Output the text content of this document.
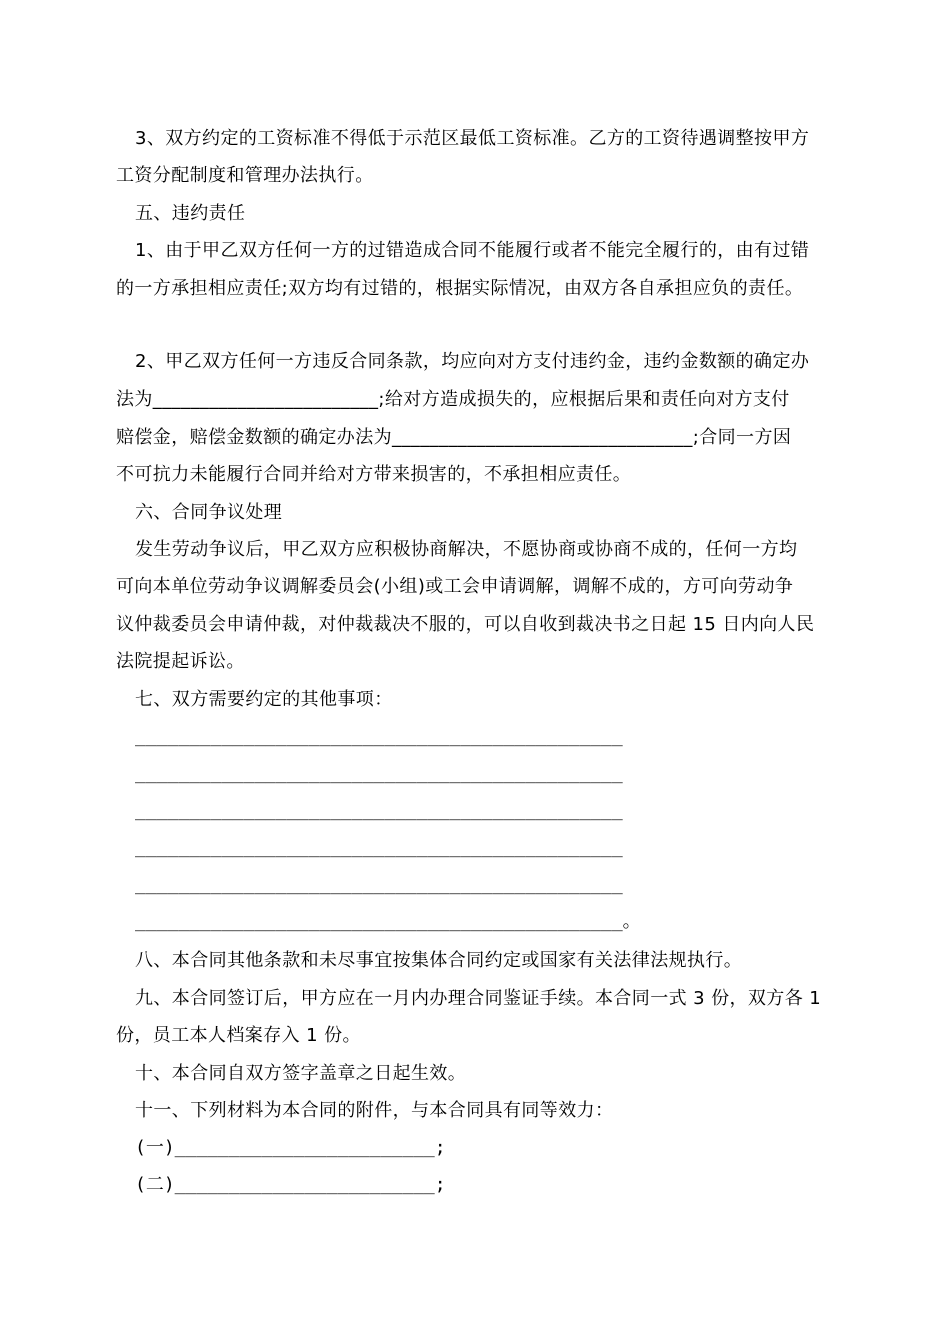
3、双方约定的工资标准不得低于示范区最低工资标准。乙方的工资待遇调整按甲方
工资分配制度和管理办法执行。
五、违约责任
1、由于甲乙双方任何一方的过错造成合同不能履行或者不能完全履行的，由有过错
的一方承担相应责任;双方均有过错的，根据实际情况，由双方各自承担应负的责任。
2、甲乙双方任何一方违反合同条款，均应向对方支付违约金，违约金数额的确定办
法为________________________;给对方造成损失的，应根据后果和责任向对方支付
赔偿金，赔偿金数额的确定办法为________________________________;合同一方因
不可抗力未能履行合同并给对方带来损害的，不承担相应责任。
六、合同争议处理
发生劳动争议后，甲乙双方应积极协商解决，不愿协商或协商不成的，任何一方均
可向本单位劳动争议调解委员会(小组)或工会申请调解，调解不成的，方可向劳动争
议仲裁委员会申请仲裁，对仲裁裁决不服的，可以自收到裁决书之日起 15 日内向人民
法院提起诉讼。
七、双方需要约定的其他事项：
_____________________________________________
_____________________________________________
_____________________________________________
_____________________________________________
_____________________________________________
_____________________________________________。
八、本合同其他条款和未尽事宜按集体合同约定或国家有关法律法规执行。
九、本合同签订后，甲方应在一月内办理合同鉴证手续。本合同一式 3 份，双方各 1
份，员工本人档案存入 1 份。
十、本合同自双方签字盖章之日起生效。
十一、下列材料为本合同的附件，与本合同具有同等效力：
(一)________________________;
(二)________________________;
